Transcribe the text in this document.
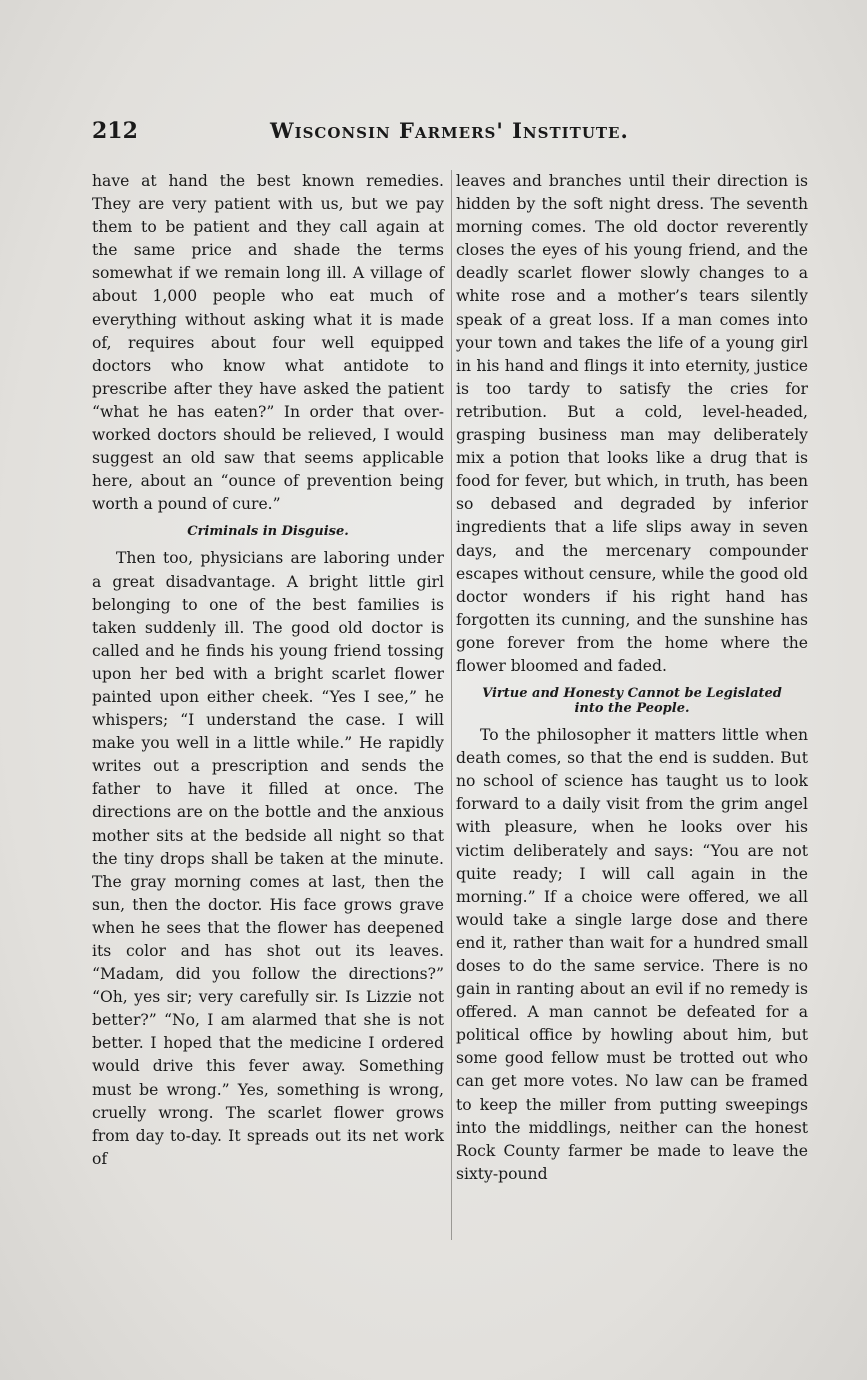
212	Wisconsin Farmers' Institute.

have at hand the best known remedies. They are very patient with us, but we pay them to be patient and they call again at the same price and shade the terms somewhat if we remain long ill. A village of about 1,000 people who eat much of everything without asking what it is made of, requires about four well equipped doctors who know what antidote to prescribe after they have asked the patient “what he has eaten?” In order that over-worked doctors should be relieved, I would suggest an old saw that seems applicable here, about an “ounce of prevention being worth a pound of cure.”

Criminals in Disguise.

Then too, physicians are laboring under a great disadvantage. A bright little girl belonging to one of the best families is taken suddenly ill. The good old doctor is called and he finds his young friend tossing upon her bed with a bright scarlet flower painted upon either cheek. “Yes I see,” he whispers; “I understand the case. I will make you well in a little while.” He rapidly writes out a prescription and sends the father to have it filled at once. The directions are on the bottle and the anxious mother sits at the bedside all night so that the tiny drops shall be taken at the minute. The gray morning comes at last, then the sun, then the doctor. His face grows grave when he sees that the flower has deepened its color and has shot out its leaves. “Madam, did you follow the directions?” “Oh, yes sir; very carefully sir. Is Lizzie not better?” “No, I am alarmed that she is not better. I hoped that the medicine I ordered would drive this fever away. Something must be wrong.” Yes, something is wrong, cruelly wrong. The scarlet flower grows from day to-day. It spreads out its net work of

leaves and branches until their direction is hidden by the soft night dress. The seventh morning comes. The old doctor reverently closes the eyes of his young friend, and the deadly scarlet flower slowly changes to a white rose and a mother’s tears silently speak of a great loss. If a man comes into your town and takes the life of a young girl in his hand and flings it into eternity, justice is too tardy to satisfy the cries for retribution. But a cold, level-headed, grasping business man may deliberately mix a potion that looks like a drug that is food for fever, but which, in truth, has been so debased and degraded by inferior ingredients that a life slips away in seven days, and the mercenary compounder escapes without censure, while the good old doctor wonders if his right hand has forgotten its cunning, and the sunshine has gone forever from the home where the flower bloomed and faded.

Virtue and Honesty Cannot be Legislated
into the People.

To the philosopher it matters little when death comes, so that the end is sudden. But no school of science has taught us to look forward to a daily visit from the grim angel with pleasure, when he looks over his victim deliberately and says: “You are not quite ready; I will call again in the morning.” If a choice were offered, we all would take a single large dose and there end it, rather than wait for a hundred small doses to do the same service. There is no gain in ranting about an evil if no remedy is offered. A man cannot be defeated for a political office by howling about him, but some good fellow must be trotted out who can get more votes. No law can be framed to keep the miller from putting sweepings into the middlings, neither can the honest Rock County farmer be made to leave the sixty-pound
